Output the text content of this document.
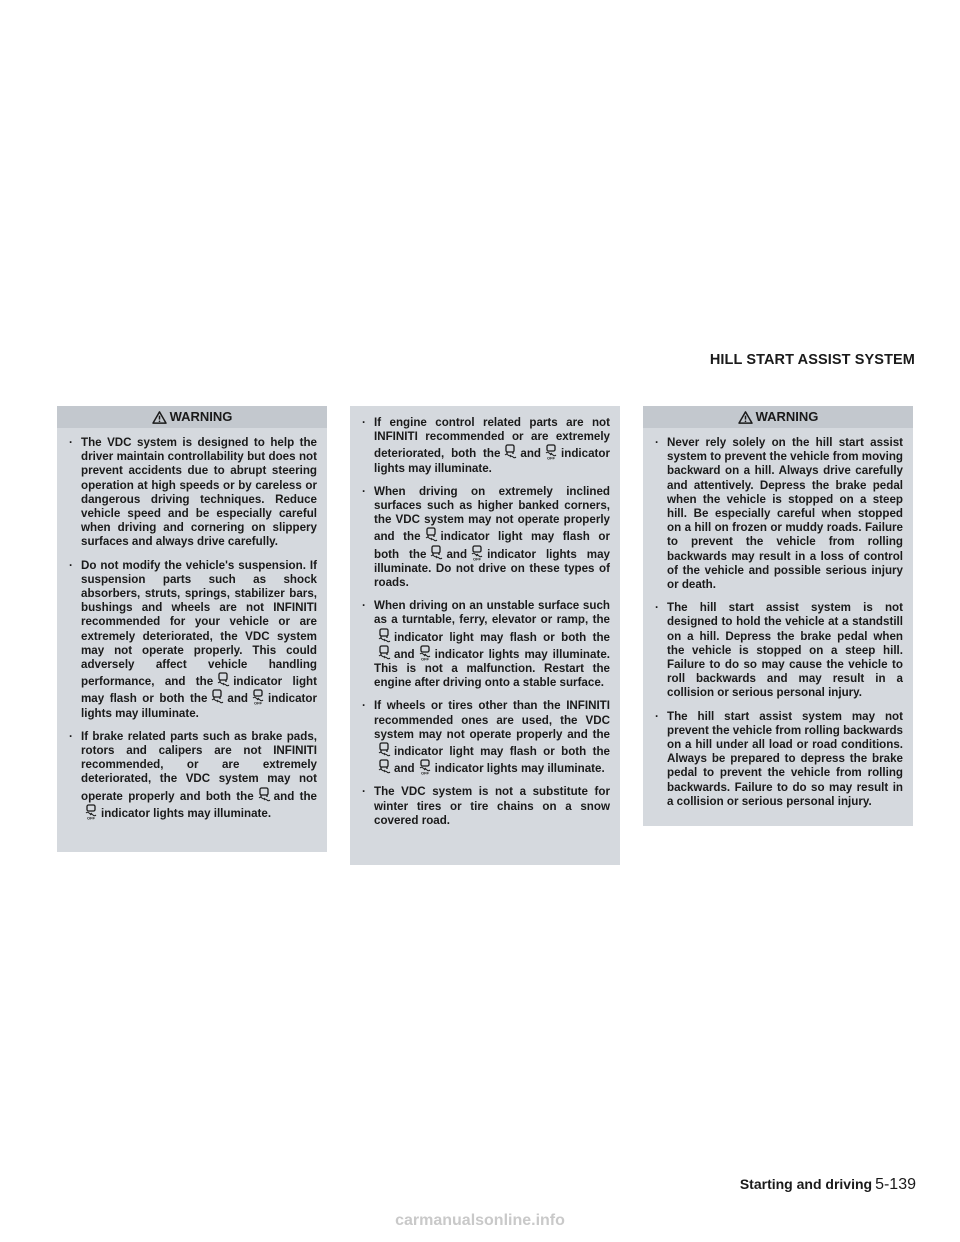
HILL START ASSIST SYSTEM
WARNING
· The VDC system is designed to help the driver maintain controllability but does not prevent accidents due to abrupt steering operation at high speeds or by careless or dangerous driving techniques. Reduce vehicle speed and be especially careful when driving and cornering on slippery surfaces and always drive carefully.
· Do not modify the vehicle's suspension. If suspension parts such as shock absorbers, struts, springs, stabilizer bars, bushings and wheels are not INFINITI recommended for your vehicle or are extremely deteriorated, the VDC system may not operate properly. This could adversely affect vehicle handling performance, and the indicator light may flash or both the and indicator lights may illuminate.
· If brake related parts such as brake pads, rotors and calipers are not INFINITI recommended, or are extremely deteriorated, the VDC system may not operate properly and both the and theindicator lights may illuminate.
· If engine control related parts are not INFINITI recommended or are extremely deteriorated, both the and indicator lights may illuminate.
· When driving on extremely inclined surfaces such as higher banked corners, the VDC system may not operate properly and the indicator light may flash or both the and indicator lights may illuminate. Do not drive on these types of roads.
· When driving on an unstable surface such as a turntable, ferry, elevator or ramp, theindicator light may flash or both theand indicator lights may illuminate. This is not a malfunction. Restart the engine after driving onto a stable surface.
· If wheels or tires other than the INFINITI recommended ones are used, the VDC system may not operate properly and theindicator light may flash or both theand indicator lights may illuminate.
· The VDC system is not a substitute for winter tires or tire chains on a snow covered road.
WARNING
· Never rely solely on the hill start assist system to prevent the vehicle from moving backward on a hill. Always drive carefully and attentively. Depress the brake pedal when the vehicle is stopped on a steep hill. Be especially careful when stopped on a hill on frozen or muddy roads. Failure to prevent the vehicle from rolling backwards may result in a loss of control of the vehicle and possible serious injury or death.
· The hill start assist system is not designed to hold the vehicle at a standstill on a hill. Depress the brake pedal when the vehicle is stopped on a steep hill. Failure to do so may cause the vehicle to roll backwards and may result in a collision or serious personal injury.
· The hill start assist system may not prevent the vehicle from rolling backwards on a hill under all load or road conditions. Always be prepared to depress the brake pedal to prevent the vehicle from rolling backwards. Failure to do so may result in a collision or serious personal injury.
Starting and driving 5-139
carmanualsonline.info
